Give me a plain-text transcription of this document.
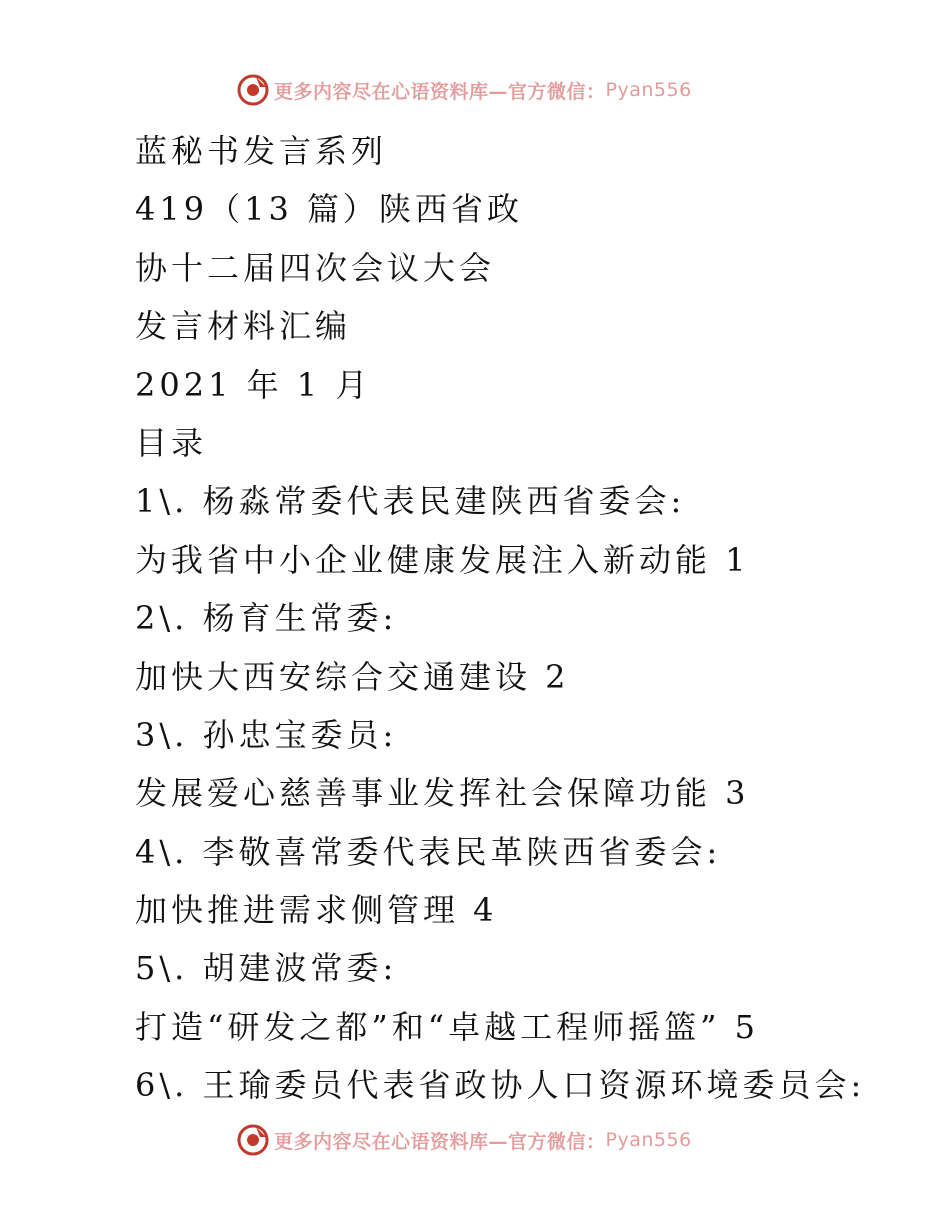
更多内容尽在心语资料库—官方微信： Pyan556
蓝秘书发言系列
419（13 篇）陕西省政
协十二届四次会议大会
发言材料汇编
2021 年 1 月
目录
1\. 杨淼常委代表民建陕西省委会:
为我省中小企业健康发展注入新动能 1
2\. 杨育生常委:
加快大西安综合交通建设 2
3\. 孙忠宝委员:
发展爱心慈善事业发挥社会保障功能 3
4\. 李敬喜常委代表民革陕西省委会:
加快推进需求侧管理 4
5\. 胡建波常委:
打造“研发之都”和“卓越工程师摇篮” 5
6\. 王瑜委员代表省政协人口资源环境委员会:
更多内容尽在心语资料库—官方微信： Pyan556
